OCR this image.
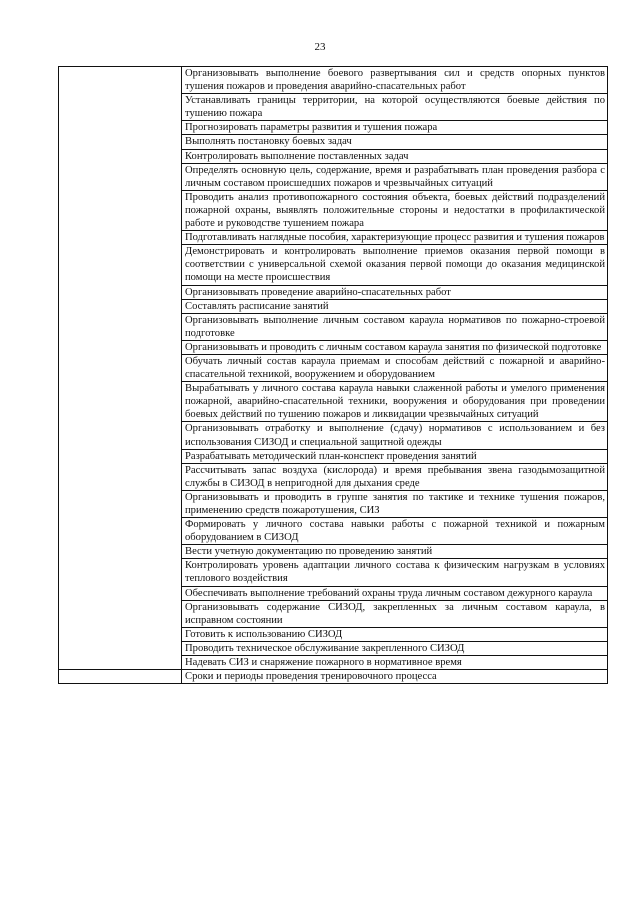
23
	Организовывать выполнение боевого развертывания сил и средств опорных пунктов тушения пожаров и проведения аварийно-спасательных работ
	Устанавливать границы территории, на которой осуществляются боевые действия по тушению пожара
	Прогнозировать параметры развития и тушения пожара
	Выполнять постановку боевых задач
	Контролировать выполнение поставленных задач
	Определять основную цель, содержание, время и разрабатывать план проведения разбора с личным составом происшедших пожаров и чрезвычайных ситуаций
	Проводить анализ противопожарного состояния объекта, боевых действий подразделений пожарной охраны, выявлять положительные стороны и недостатки в профилактической работе и руководстве тушением пожара
	Подготавливать наглядные пособия, характеризующие процесс развития и тушения пожаров
	Демонстрировать и контролировать выполнение приемов оказания первой помощи в соответствии с универсальной схемой оказания первой помощи до оказания медицинской помощи на месте происшествия
	Организовывать проведение аварийно-спасательных работ
	Составлять расписание занятий
	Организовывать выполнение личным составом караула нормативов по пожарно-строевой подготовке
	Организовывать и проводить с личным составом караула занятия по физической подготовке
	Обучать личный состав караула приемам и способам действий с пожарной и аварийно-спасательной техникой, вооружением и оборудованием
	Вырабатывать у личного состава караула навыки слаженной работы и умелого применения пожарной, аварийно-спасательной техники, вооружения и оборудования при проведении боевых действий по тушению пожаров и ликвидации чрезвычайных ситуаций
	Организовывать отработку и выполнение (сдачу) нормативов с использованием и без использования СИЗОД и специальной защитной одежды
	Разрабатывать методический план-конспект проведения занятий
	Рассчитывать запас воздуха (кислорода) и время пребывания звена газодымозащитной службы в СИЗОД в непригодной для дыхания среде
	Организовывать и проводить в группе занятия по тактике и технике тушения пожаров, применению средств пожаротушения, СИЗ
	Формировать у личного состава навыки работы с пожарной техникой и пожарным оборудованием в СИЗОД
	Вести учетную документацию по проведению занятий
	Контролировать уровень адаптации личного состава к физическим нагрузкам в условиях теплового воздействия
	Обеспечивать выполнение требований охраны труда личным составом дежурного караула
	Организовывать содержание СИЗОД, закрепленных за личным составом караула, в исправном состоянии
	Готовить к использованию СИЗОД
	Проводить техническое обслуживание закрепленного СИЗОД
	Надевать СИЗ и снаряжение пожарного в нормативное время
	Сроки и периоды проведения тренировочного процесса
